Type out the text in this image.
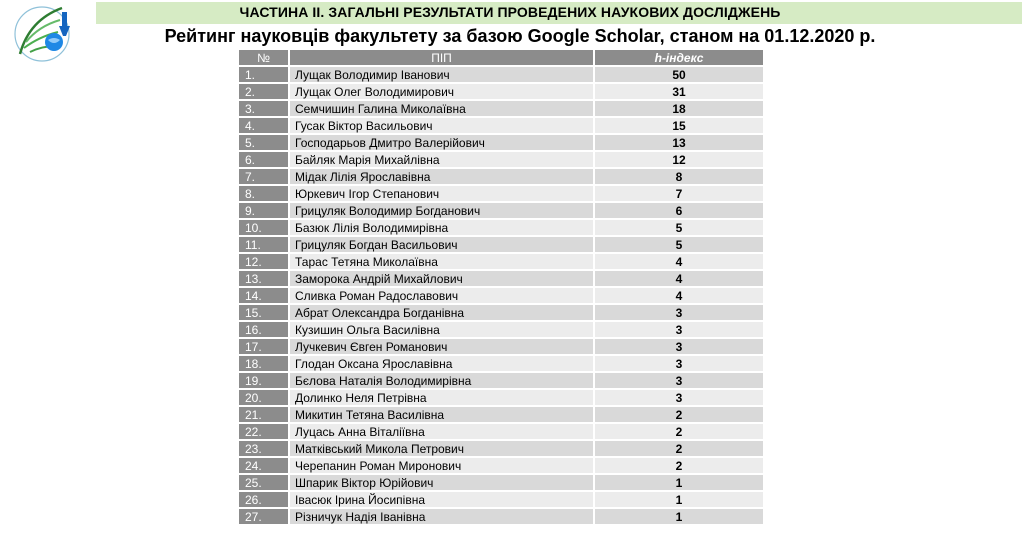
ЧАСТИНА ІІ. ЗАГАЛЬНІ РЕЗУЛЬТАТИ ПРОВЕДЕНИХ НАУКОВИХ ДОСЛІДЖЕНЬ
Рейтинг науковців факультету за базою Google Scholar, станом на 01.12.2020 р.
№	ПІП	h-індекс
1.	Лущак Володимир Іванович	50
2.	Лущак Олег Володимирович	31
3.	Семчишин Галина Миколаївна	18
4.	Гусак Віктор Васильович	15
5.	Господарьов Дмитро Валерійович	13
6.	Байляк Марія Михайлівна	12
7.	Мідак Лілія Ярославівна	8
8.	Юркевич Ігор Степанович	7
9.	Грицуляк Володимир Богданович	6
10.	Базюк Лілія Володимирівна	5
11.	Грицуляк Богдан Васильович	5
12.	Тарас Тетяна Миколаївна	4
13.	Заморока Андрій Михайлович	4
14.	Сливка Роман Радославович	4
15.	Абрат Олександра Богданівна	3
16.	Кузишин Ольга Василівна	3
17.	Лучкевич Євген Романович	3
18.	Глодан Оксана Ярославівна	3
19.	Бєлова Наталія Володимирівна	3
20.	Долинко Неля Петрівна	3
21.	Микитин Тетяна Василівна	2
22.	Луцась Анна Віталіївна	2
23.	Матківський Микола Петрович	2
24.	Черепанин Роман Миронович	2
25.	Шпарик Віктор Юрійович	1
26.	Івасюк Ірина Йосипівна	1
27.	Різничук Надія Іванівна	1
